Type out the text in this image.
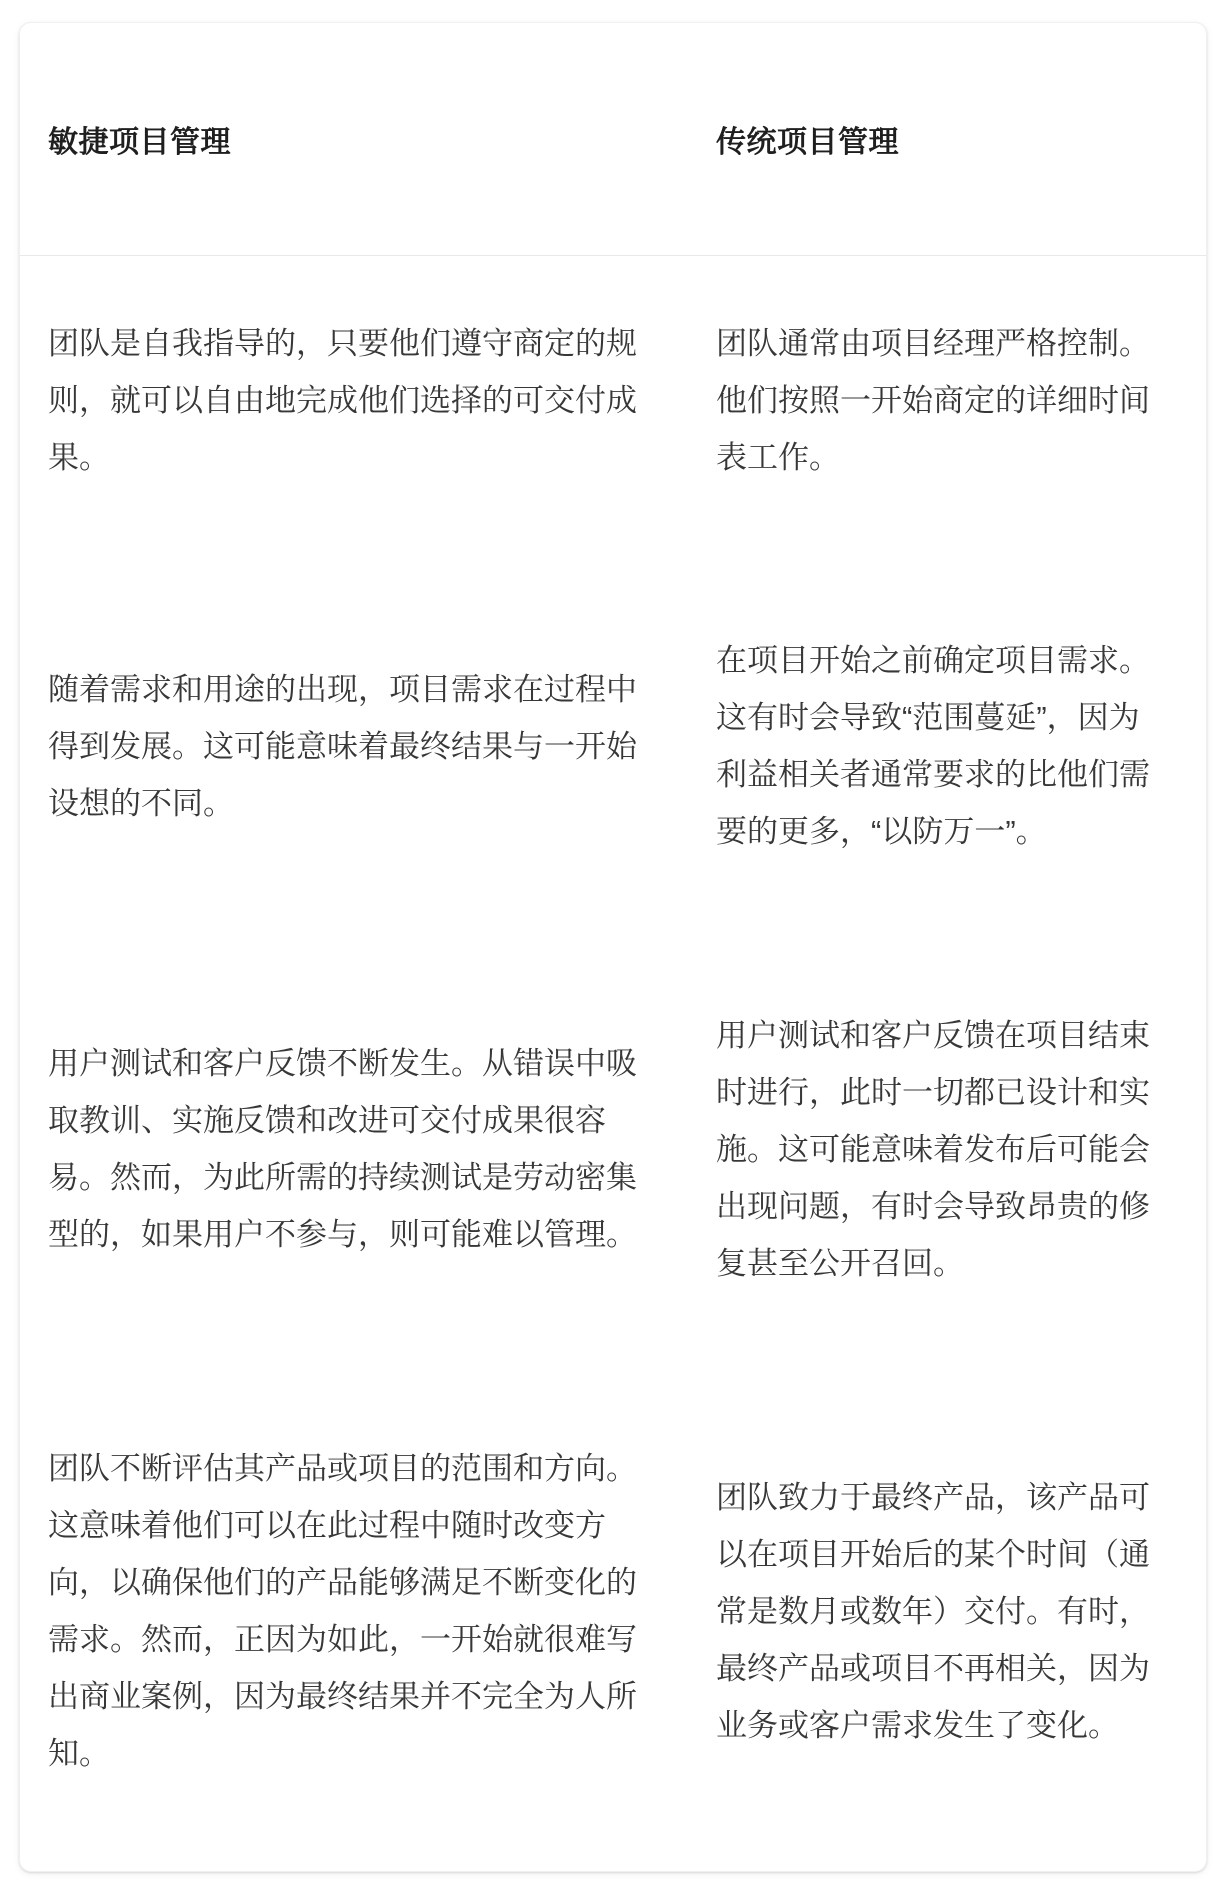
敏捷项目管理	传统项目管理

团队是自我指导的，只要他们遵守商定的规则，就可以自由地完成他们选择的可交付成果。

团队通常由项目经理严格控制。他们按照一开始商定的详细时间表工作。

随着需求和用途的出现，项目需求在过程中得到发展。这可能意味着最终结果与一开始设想的不同。

在项目开始之前确定项目需求。这有时会导致“范围蔓延”，因为利益相关者通常要求的比他们需要的更多，“以防万一”。

用户测试和客户反馈不断发生。从错误中吸取教训、实施反馈和改进可交付成果很容易。然而，为此所需的持续测试是劳动密集型的，如果用户不参与，则可能难以管理。

用户测试和客户反馈在项目结束时进行，此时一切都已设计和实施。这可能意味着发布后可能会出现问题，有时会导致昂贵的修复甚至公开召回。

团队不断评估其产品或项目的范围和方向。这意味着他们可以在此过程中随时改变方向，以确保他们的产品能够满足不断变化的需求。然而，正因为如此，一开始就很难写出商业案例，因为最终结果并不完全为人所知。

团队致力于最终产品，该产品可以在项目开始后的某个时间（通常是数月或数年）交付。有时，最终产品或项目不再相关，因为业务或客户需求发生了变化。
